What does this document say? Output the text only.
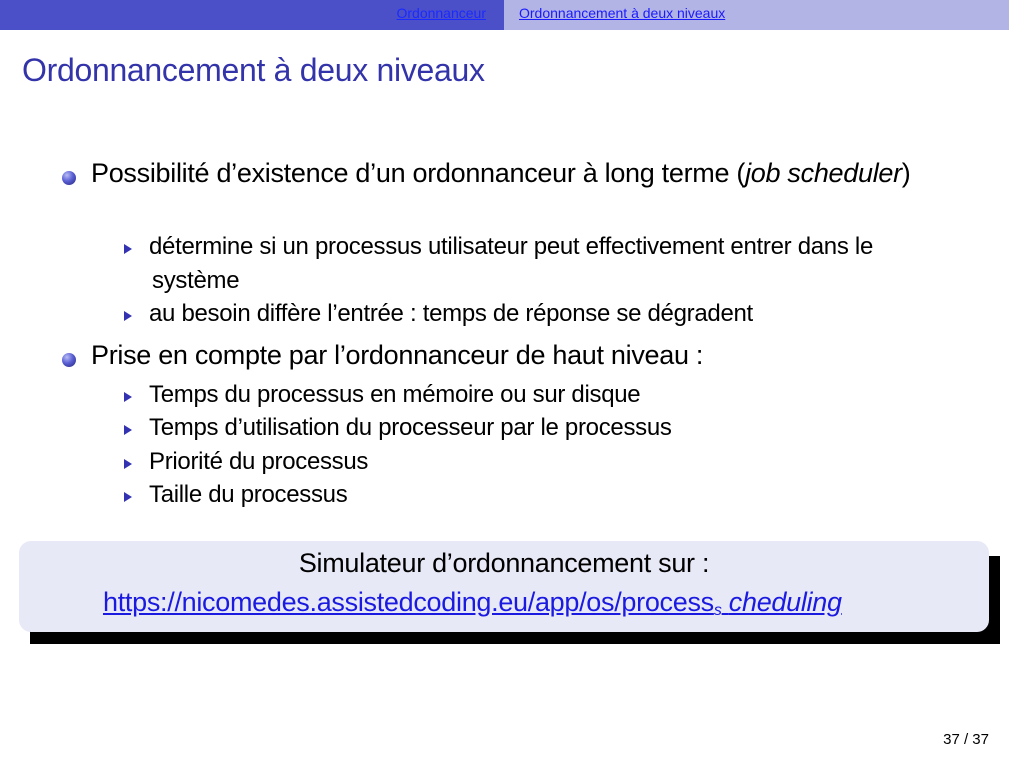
Ordonnanceur Ordonnancement à deux niveaux
Ordonnancement à deux niveaux
Possibilité d’existence d’un ordonnanceur à long terme (job scheduler)
détermine si un processus utilisateur peut effectivement entrer dans le
système
au besoin diffère l’entrée : temps de réponse se dégradent
Prise en compte par l’ordonnanceur de haut niveau :
Temps du processus en mémoire ou sur disque
Temps d’utilisation du processeur par le processus
Priorité du processus
Taille du processus
Simulateur d’ordonnancement sur :
https://nicomedes.assistedcoding.eu/app/os/process$_s$ cheduling
37 / 37
